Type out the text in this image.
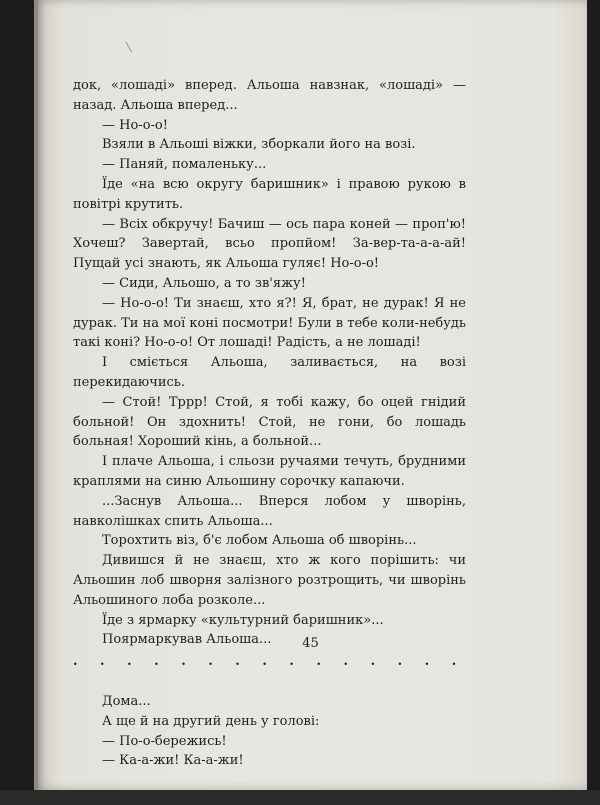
45

док, «лошаді» вперед. Альоша навзнак, «лошаді» — назад. Альоша вперед...

— Но-о-о!

Взяли в Альоші віжки, зборкали його на возі.

— Паняй, помаленьку...

Їде «на всю округу баришник» і правою рукою в повітрі крутить.

— Всіх обкручу! Бачиш — ось пара коней — проп'ю! Хочеш? Завертай, всьо пропйом! За-вер-та-а-а-ай! Пущай усі знають, як Альоша гуляє! Но-о-о!

— Сиди, Альошо, а то зв'яжу!

— Но-о-о! Ти знаєш, хто я?! Я, брат, не дурак! Я не дурак. Ти на мої коні посмотри! Були в тебе коли-небудь такі коні? Но-о-о! От лошаді! Радість, а не лошаді!

І сміється Альоша, заливається, на возі перекидаючись.

— Стой! Тррр! Стой, я тобі кажу, бо оцей гнідий больной! Он здохнить! Стой, не гони, бо лошадь больная! Хороший кінь, а больной...

І плаче Альоша, і сльози ручаями течуть, брудними краплями на синю Альошину сорочку капаючи.

...Заснув Альоша... Вперся лобом у шворінь, навколішках спить Альоша...

Торохтить віз, б'є лобом Альоша об шворінь...

Дивишся й не знаєш, хто ж кого порішить: чи Альошин лоб шворня залізного розтрощить, чи шворінь Альошиного лоба розколе...

Їде з ярмарку «культурний баришник»...

Поярмаркував Альоша...

. . . . . . . . . . . . . . .

Дома...

А ще й на другий день у голові:

— По-о-бережись!

— Ка-а-жи! Ка-а-жи!
